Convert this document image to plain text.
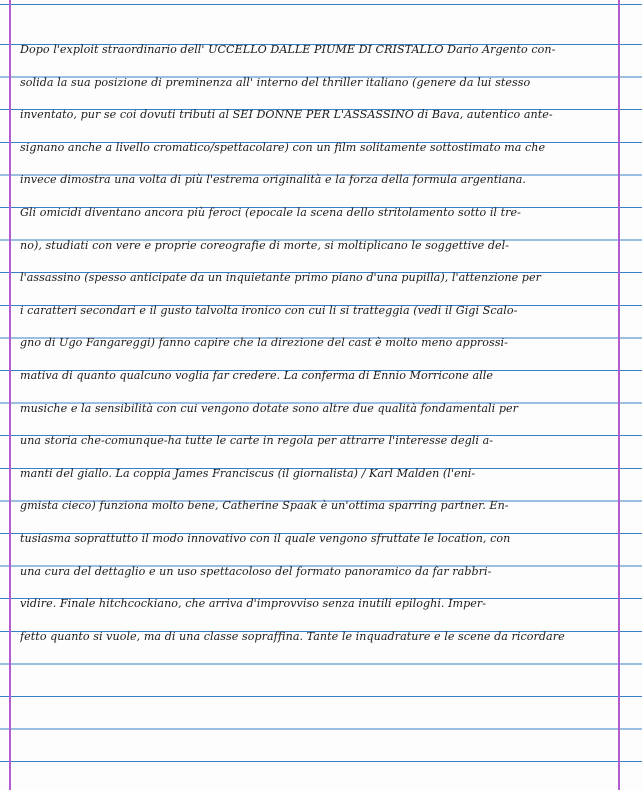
Dopo l'exploit straordinario dell' UCCELLO DALLE PIUME DI CRISTALLO Dario Argento con-
solida la sua posizione di preminenza all' interno del thriller italiano (genere da lui stesso
inventato, pur se coi dovuti tributi al SEI DONNE PER L'ASSASSINO di Bava, autentico ante-
signano anche a livello cromatico/spettacolare) con un film solitamente sottostimato ma che
invece dimostra una volta di più l'estrema originalità e la forza della formula argentiana.
Gli omicidi diventano ancora più feroci (epocale la scena dello stritolamento sotto il tre-
no), studiati con vere e proprie coreografie di morte, si moltiplicano le soggettive del-
l'assassino (spesso anticipate da un inquietante primo piano d'una pupilla), l'attenzione per
i caratteri secondari e il gusto talvolta ironico con cui li si tratteggia (vedi il Gigi Scalo-
gno di Ugo Fangareggi) fanno capire che la direzione del cast è molto meno approssi-
mativa di quanto qualcuno voglia far credere. La conferma di Ennio Morricone alle
musiche e la sensibilità con cui vengono dotate sono altre due qualità fondamentali per
una storia che-comunque-ha tutte le carte in regola per attrarre l'interesse degli a-
manti del giallo. La coppia James Franciscus (il giornalista) / Karl Malden (l'eni-
gmista cieco) funziona molto bene, Catherine Spaak è un'ottima sparring partner. En-
tusiasma soprattutto il modo innovativo con il quale vengono sfruttate le location, con
una cura del dettaglio e un uso spettacoloso del formato panoramico da far rabbri-
vidire. Finale hitchcockiano, che arriva d'improvviso senza inutili epiloghi. Imper-
fetto quanto si vuole, ma di una classe sopraffina. Tante le inquadrature e le scene da ricordare
